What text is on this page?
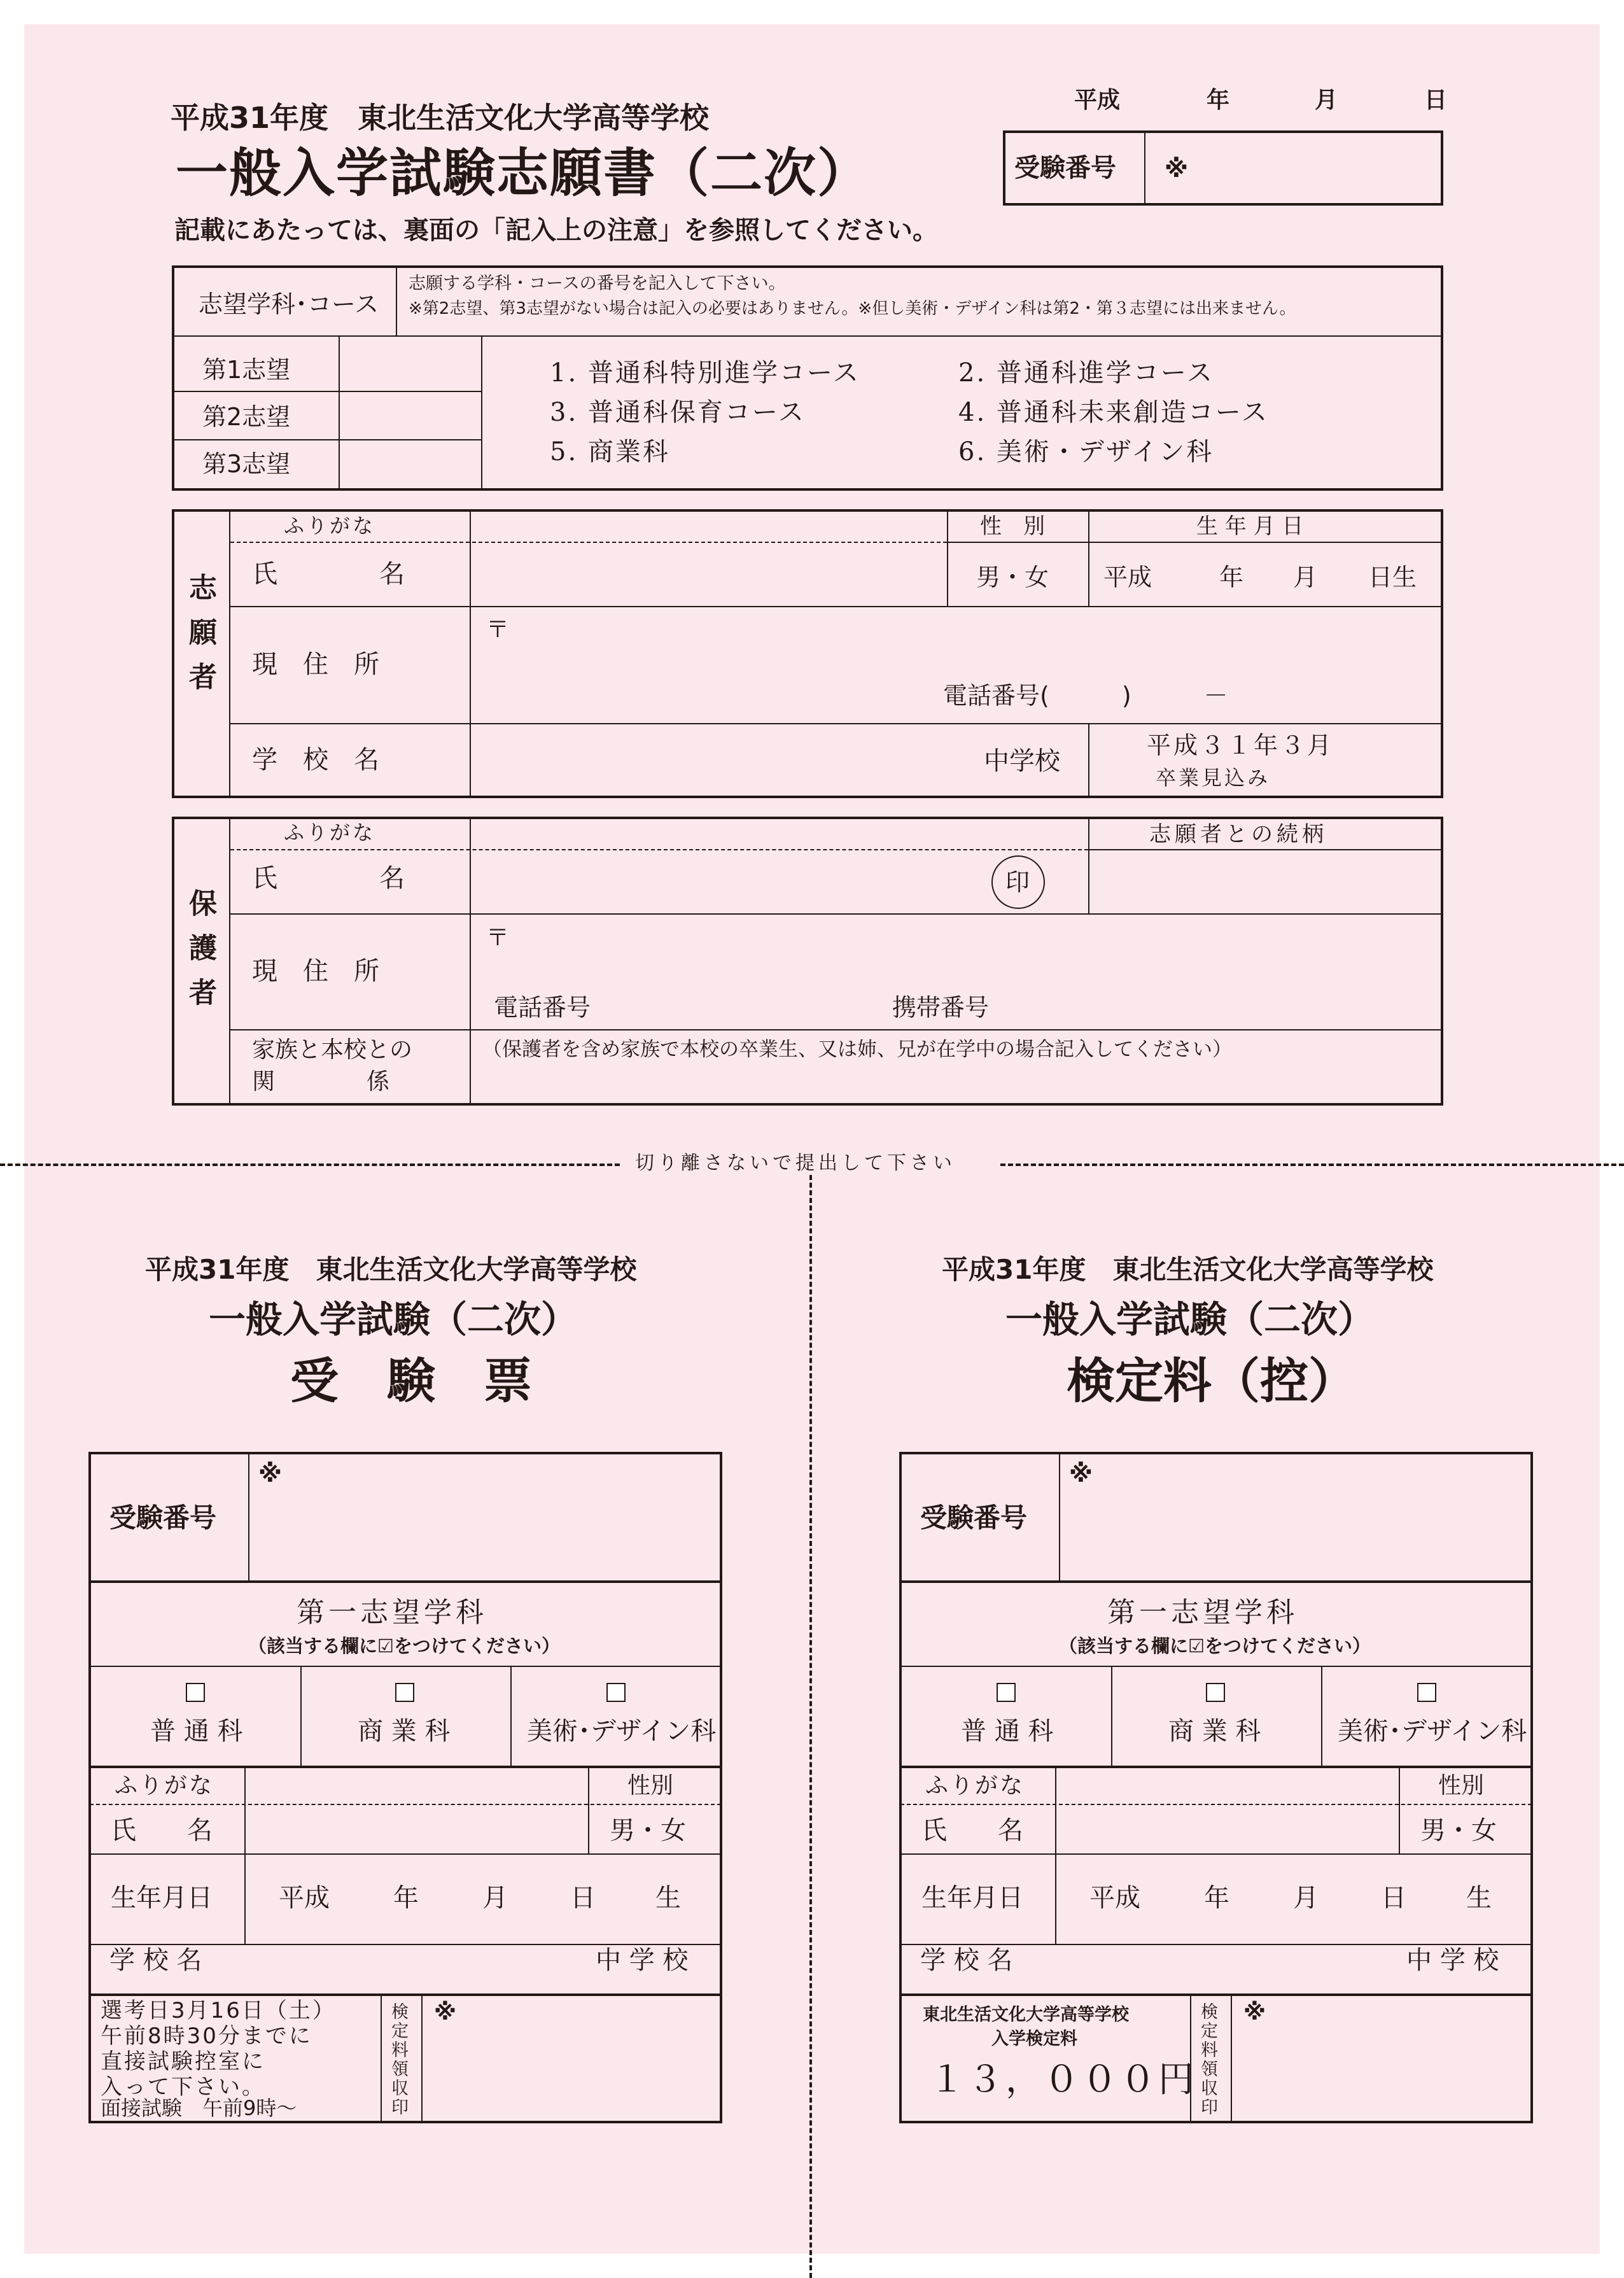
平成31年度　東北生活文化大学高等学校
一般入学試験志願書（二次）
記載にあたっては、裏面の「記入上の注意」を参照してください。
平成	年	月	日
受験番号 ※
志望学科･コース
志願する学科・コースの番号を記入して下さい。
※第2志望、第3志望がない場合は記入の必要はありません。※但し美術・デザイン科は第2・第３志望には出来ません。
第1志望
第2志望
第3志望
1. 普通科特別進学コース	2. 普通科進学コース
3. 普通科保育コース	4. 普通科未来創造コース
5. 商業科	6. 美術・デザイン科
志願者
ふりがな	性　別	生 年 月 日
氏　　　　名	男・女 平成	年 月 日生
現　住　所
〒
電話番号(　　　)　　　－
学　校　名	中学校
平成３１年３月
卒業見込み
保護者
ふりがな	志願者との続柄
氏　　　　名	印
現　住　所
〒
電話番号	携帯番号
家族と本校との
関　　　　係
（保護者を含め家族で本校の卒業生、又は姉、兄が在学中の場合記入してください）
切り離さないで提出して下さい
平成31年度　東北生活文化大学高等学校
一般入学試験（二次）
受　験　票
受験番号
※
第一志望学科
（該当する欄に☑をつけてください）
普 通 科	商 業 科	美術･デザイン科
ふりがな	性別
氏　　名	男・女
生年月日	平成	年	月 日 生
学 校 名	中 学 校
選考日3月16日（土）
午前8時30分までに
直接試験控室に
入って下さい。
面接試験　午前9時～	検定料領収印 ※
平成31年度　東北生活文化大学高等学校
一般入学試験（二次）
検定料（控）
受験番号
※
第一志望学科
（該当する欄に☑をつけてください）
普 通 科	商 業 科	美術･デザイン科
ふりがな	性別
氏　　名	男・女
生年月日	平成	年	月 日 生
学 校 名	中 学 校
東北生活文化大学高等学校
入学検定料
１３，０００円 検定料領収印 ※
